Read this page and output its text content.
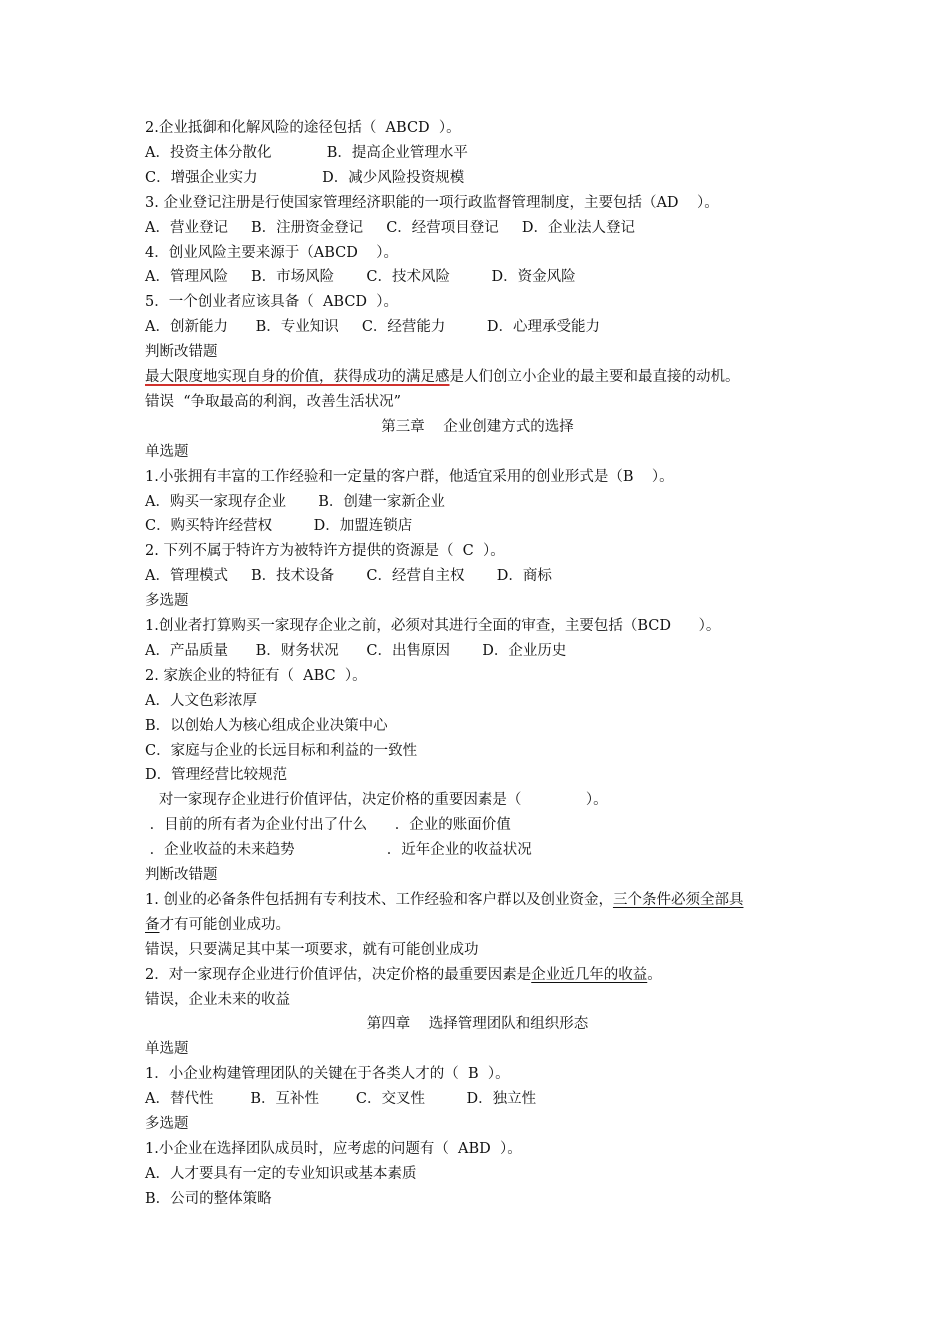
2.企业抵御和化解风险的途径包括（  ABCD  ）。
A．投资主体分散化            B．提高企业管理水平
C．增强企业实力              D．减少风险投资规模
3. 企业登记注册是行使国家管理经济职能的一项行政监督管理制度，主要包括（AD    ）。
A．营业登记     B．注册资金登记     C．经营项目登记     D．企业法人登记
4．创业风险主要来源于（ABCD    ）。
A．管理风险     B．市场风险       C．技术风险         D．资金风险
5．一个创业者应该具备（  ABCD  ）。
A．创新能力      B．专业知识     C．经营能力         D．心理承受能力
判断改错题
最大限度地实现自身的价值，获得成功的满足感是人们创立小企业的最主要和最直接的动机。
错误  “争取最高的利润，改善生活状况”
第三章    企业创建方式的选择
单选题
1.小张拥有丰富的工作经验和一定量的客户群，他适宜采用的创业形式是（B    ）。
A．购买一家现存企业       B．创建一家新企业
C．购买特许经营权         D．加盟连锁店
2. 下列不属于特许方为被特许方提供的资源是（  C  ）。
A．管理模式     B．技术设备       C．经营自主权       D．商标
多选题
1.创业者打算购买一家现存企业之前，必须对其进行全面的审查，主要包括（BCD      ）。
A．产品质量      B．财务状况      C．出售原因       D．企业历史
2. 家族企业的特征有（  ABC  ）。
A．人文色彩浓厚
B．以创始人为核心组成企业决策中心
C．家庭与企业的长远目标和利益的一致性
D．管理经营比较规范
对一家现存企业进行价值评估，决定价格的重要因素是（              ）。
．目前的所有者为企业付出了什么      ．企业的账面价值
．企业收益的未来趋势                    ．近年企业的收益状况
判断改错题
1. 创业的必备条件包括拥有专利技术、工作经验和客户群以及创业资金，三个条件必须全部具
备才有可能创业成功。
错误，只要满足其中某一项要求，就有可能创业成功
2．对一家现存企业进行价值评估，决定价格的最重要因素是企业近几年的收益。
错误，企业未来的收益
第四章    选择管理团队和组织形态
单选题
1．小企业构建管理团队的关键在于各类人才的（  B  ）。
A．替代性        B．互补性        C．交叉性         D．独立性
多选题
1.小企业在选择团队成员时，应考虑的问题有（  ABD  ）。
A．人才要具有一定的专业知识或基本素质
B．公司的整体策略
